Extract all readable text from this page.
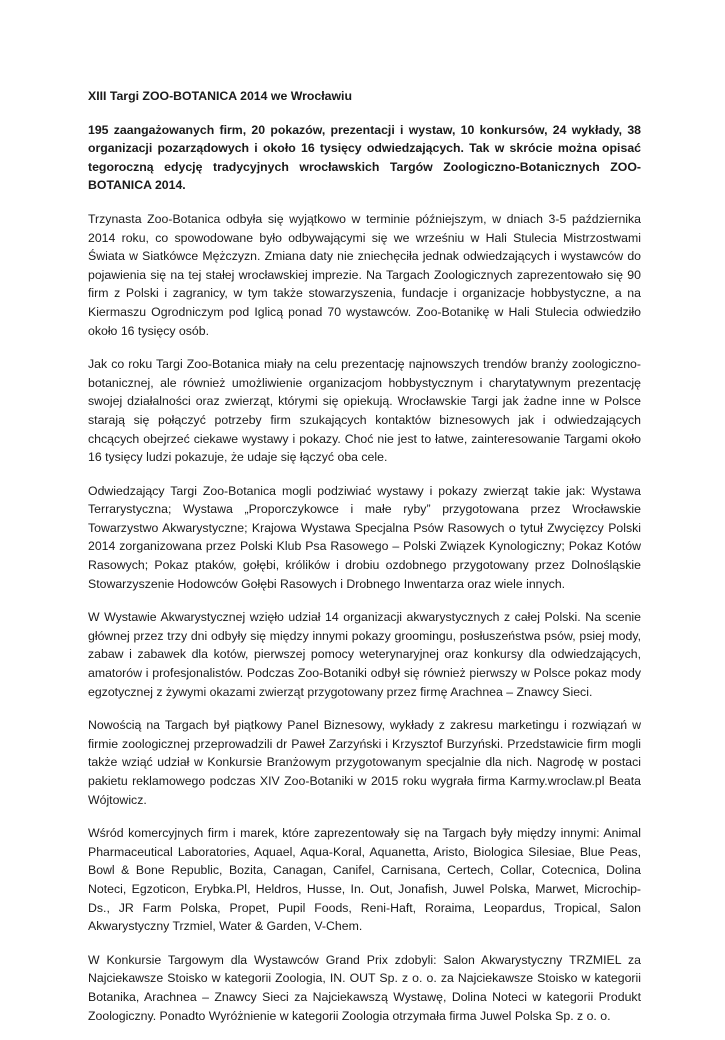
XIII Targi ZOO-BOTANICA 2014 we Wrocławiu
195 zaangażowanych firm, 20 pokazów, prezentacji i wystaw, 10 konkursów, 24 wykłady, 38 organizacji pozarządowych i około 16 tysięcy odwiedzających. Tak w skrócie można opisać tegoroczną edycję tradycyjnych wrocławskich Targów Zoologiczno-Botanicznych ZOO-BOTANICA 2014.
Trzynasta Zoo-Botanica odbyła się wyjątkowo w terminie późniejszym, w dniach 3-5 października 2014 roku, co spowodowane było odbywającymi się we wrześniu w Hali Stulecia Mistrzostwami Świata w Siatkówce Mężczyzn. Zmiana daty nie zniechęciła jednak odwiedzających i wystawców do pojawienia się na tej stałej wrocławskiej imprezie. Na Targach Zoologicznych zaprezentowało się 90 firm z Polski i zagranicy, w tym także stowarzyszenia, fundacje i organizacje hobbystyczne, a na Kiermaszu Ogrodniczym pod Iglicą ponad 70 wystawców. Zoo-Botanikę w Hali Stulecia odwiedziło około 16 tysięcy osób.
Jak co roku Targi Zoo-Botanica miały na celu prezentację najnowszych trendów branży zoologiczno-botanicznej, ale również umożliwienie organizacjom hobbystycznym i charytatywnym prezentację swojej działalności oraz zwierząt, którymi się opiekują. Wrocławskie Targi jak żadne inne w Polsce starają się połączyć potrzeby firm szukających kontaktów biznesowych jak i odwiedzających chcących obejrzeć ciekawe wystawy i pokazy. Choć nie jest to łatwe, zainteresowanie Targami około 16 tysięcy ludzi pokazuje, że udaje się łączyć oba cele.
Odwiedzający Targi Zoo-Botanica mogli podziwiać wystawy i pokazy zwierząt takie jak: Wystawa Terrarystyczna; Wystawa „Proporczykowce i małe ryby” przygotowana przez Wrocławskie Towarzystwo Akwarystyczne; Krajowa Wystawa Specjalna Psów Rasowych o tytuł Zwycięzcy Polski 2014 zorganizowana przez Polski Klub Psa Rasowego – Polski Związek Kynologiczny; Pokaz Kotów Rasowych; Pokaz ptaków, gołębi, królików i drobiu ozdobnego przygotowany przez Dolnośląskie Stowarzyszenie Hodowców Gołębi Rasowych i Drobnego Inwentarza oraz wiele innych.
W Wystawie Akwarystycznej wzięło udział 14 organizacji akwarystycznych z całej Polski. Na scenie głównej przez trzy dni odbyły się między innymi pokazy groomingu, posłuszeństwa psów, psiej mody, zabaw i zabawek dla kotów, pierwszej pomocy weterynaryjnej oraz konkursy dla odwiedzających, amatorów i profesjonalistów. Podczas Zoo-Botaniki odbył się również pierwszy w Polsce pokaz mody egzotycznej z żywymi okazami zwierząt przygotowany przez firmę Arachnea – Znawcy Sieci.
Nowością na Targach był piątkowy Panel Biznesowy, wykłady z zakresu marketingu i rozwiązań w firmie zoologicznej przeprowadzili dr Paweł Zarzyński i Krzysztof Burzyński. Przedstawicie firm mogli także wziąć udział w Konkursie Branżowym przygotowanym specjalnie dla nich. Nagrodę w postaci pakietu reklamowego podczas XIV Zoo-Botaniki w 2015 roku wygrała firma Karmy.wroclaw.pl Beata Wójtowicz.
Wśród komercyjnych firm i marek, które zaprezentowały się na Targach były między innymi: Animal Pharmaceutical Laboratories, Aquael, Aqua-Koral, Aquanetta, Aristo, Biologica Silesiae, Blue Peas, Bowl & Bone Republic, Bozita, Canagan, Canifel, Carnisana, Certech, Collar, Cotecnica, Dolina Noteci, Egzoticon, Erybka.Pl, Heldros, Husse, In. Out, Jonafish, Juwel Polska, Marwet, Microchip-Ds., JR Farm Polska, Propet, Pupil Foods, Reni-Haft, Roraima, Leopardus, Tropical, Salon Akwarystyczny Trzmiel, Water & Garden, V-Chem.
W Konkursie Targowym dla Wystawców Grand Prix zdobyli: Salon Akwarystyczny TRZMIEL za Najciekawsze Stoisko w kategorii Zoologia, IN. OUT Sp. z o. o. za Najciekawsze Stoisko w kategorii Botanika, Arachnea – Znawcy Sieci za Najciekawszą Wystawę, Dolina Noteci w kategorii Produkt Zoologiczny. Ponadto Wyróżnienie w kategorii Zoologia otrzymała firma Juwel Polska Sp. z o. o.
